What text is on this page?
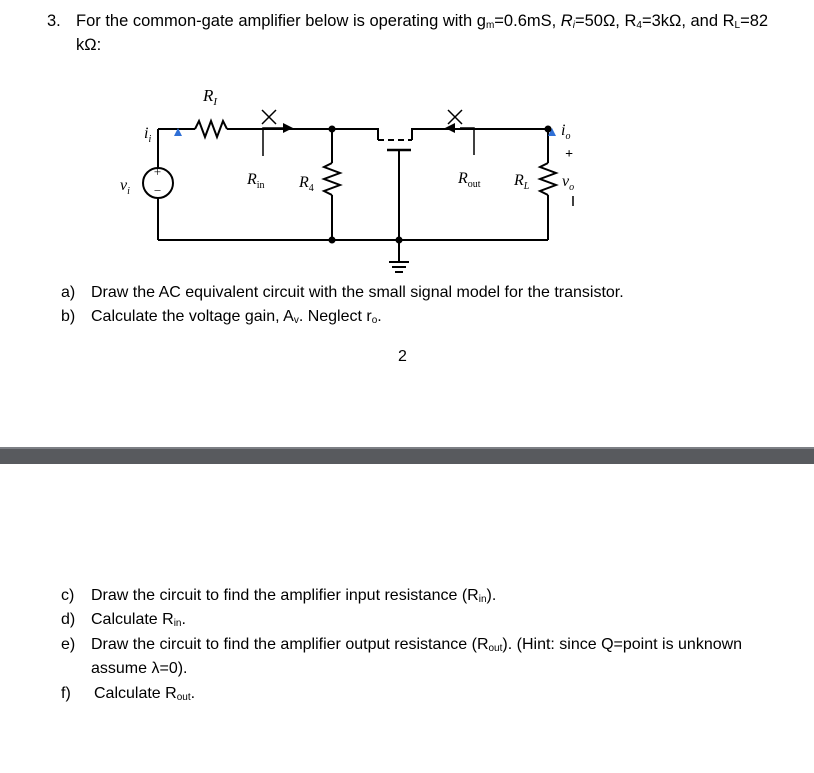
3. For the common-gate amplifier below is operating with $g_m=0.6mS$, $R_i=50\Omega$, $R_4=3k\Omega$, and $R_L=82$
kΩ:
$R_I$
$i_i$
$v_i$
+
−
$R_{in}$ $R_4$
$R_{out}$ $R_L$
$i_o$
+
$v_o$
a) Draw the AC equivalent circuit with the small signal model for the transistor.
b) Calculate the voltage gain, $A_v$. Neglect $r_o$.
2
c) Draw the circuit to find the amplifier input resistance $(R_{in})$.
d) Calculate $R_{in}$.
e) Draw the circuit to find the amplifier output resistance $(R_{out})$. (Hint: since Q=point is unknown
assume λ=0).
f) Calculate $R_{out}$.
